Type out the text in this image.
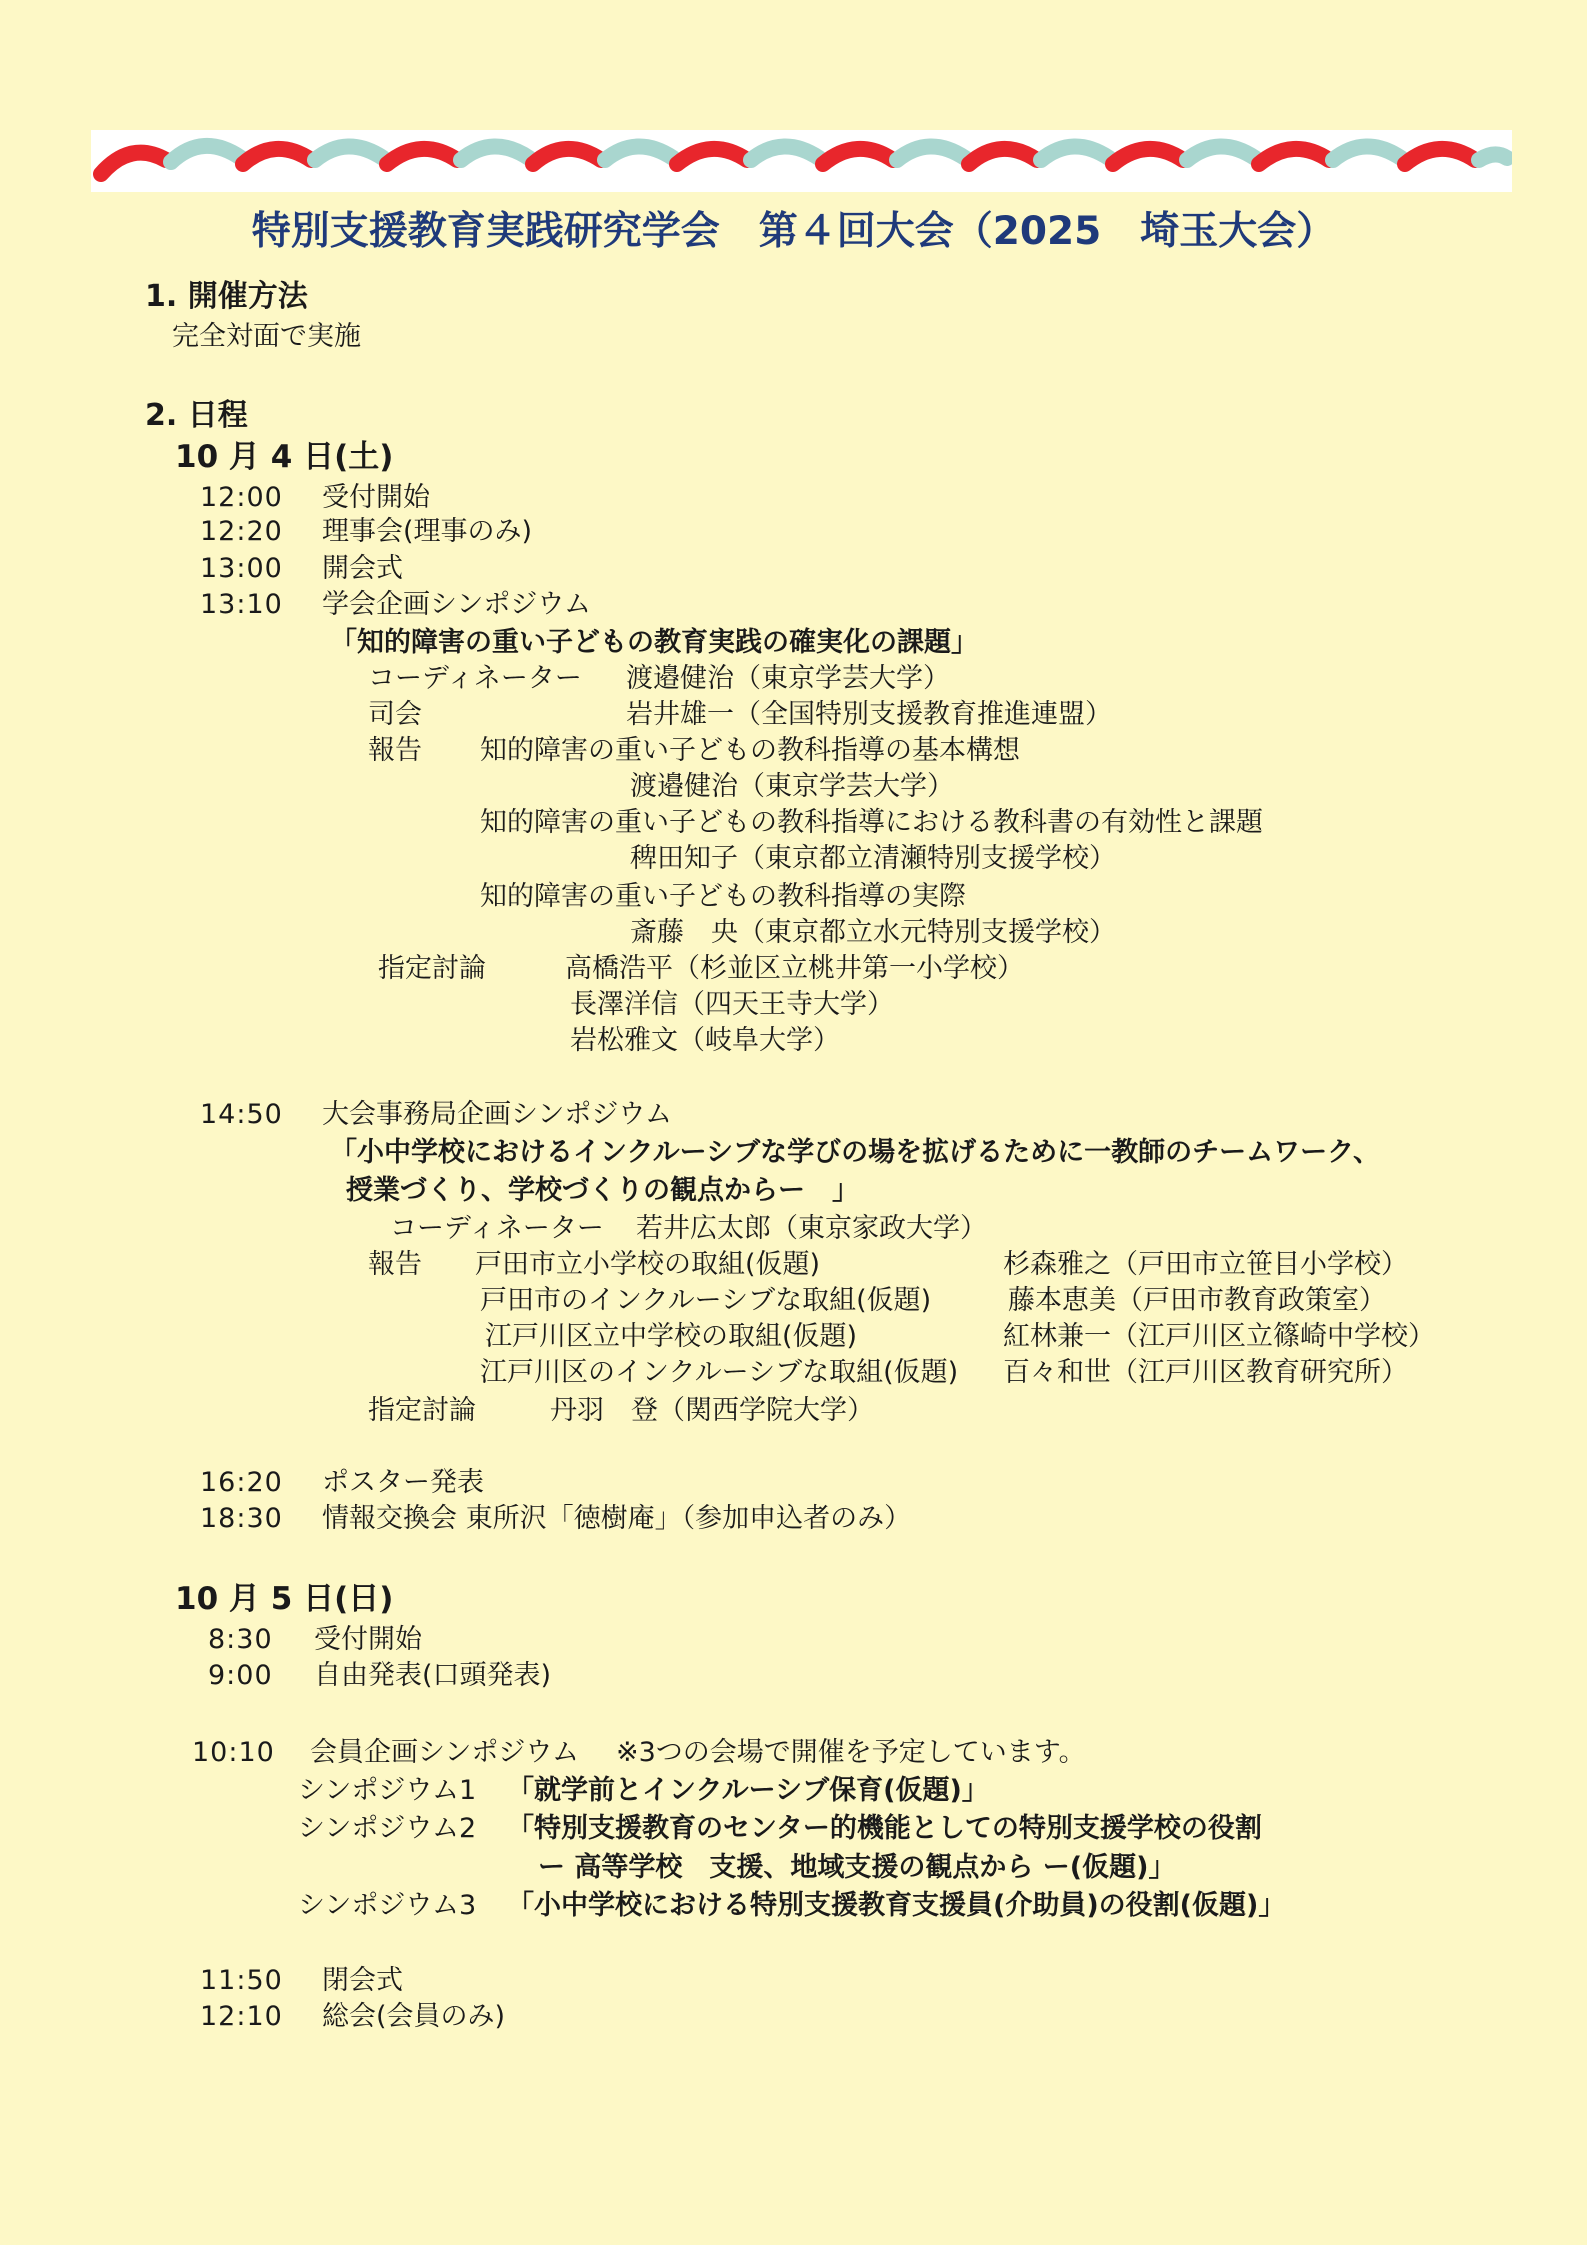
特別支援教育実践研究学会　第４回大会（2025　埼玉大会）
1. 開催方法
完全対面で実施
2. 日程
10 月 4 日(土)
12:00 受付開始
12:20 理事会(理事のみ)
13:00 開会式
13:10 学会企画シンポジウム
「知的障害の重い子どもの教育実践の確実化の課題」
コーディネーター 渡邉健治（東京学芸大学）
司会	岩井雄一（全国特別支援教育推進連盟）
報告 知的障害の重い子どもの教科指導の基本構想
渡邉健治（東京学芸大学）
知的障害の重い子どもの教科指導における教科書の有効性と課題
稗田知子（東京都立清瀬特別支援学校）
知的障害の重い子どもの教科指導の実際
斎藤　央（東京都立水元特別支援学校）
指定討論	高橋浩平（杉並区立桃井第一小学校）
長澤洋信（四天王寺大学）
岩松雅文（岐阜大学）
14:50 大会事務局企画シンポジウム
「小中学校におけるインクルーシブな学びの場を拡げるために一教師のチームワーク、
授業づくり、学校づくりの観点からー　」
コーディネーター 若井広太郎（東京家政大学）
報告 戸田市立小学校の取組(仮題)	杉森雅之（戸田市立笹目小学校）
戸田市のインクルーシブな取組(仮題)	藤本恵美（戸田市教育政策室）
江戸川区立中学校の取組(仮題)	紅林兼一（江戸川区立篠崎中学校）
江戸川区のインクルーシブな取組(仮題) 百々和世（江戸川区教育研究所）
指定討論	丹羽　登（関西学院大学）
16:20 ポスター発表
18:30 情報交換会 東所沢「徳樹庵」（参加申込者のみ）
10 月 5 日(日)
8:30 受付開始
9:00 自由発表(口頭発表)
10:10 会員企画シンポジウム ※3つの会場で開催を予定しています。
シンポジウム1 「就学前とインクルーシブ保育(仮題)」
シンポジウム2 「特別支援教育のセンター的機能としての特別支援学校の役割
ー 高等学校　支援、地域支援の観点から ー(仮題)」
シンポジウム3 「小中学校における特別支援教育支援員(介助員)の役割(仮題)」
11:50 閉会式
12:10 総会(会員のみ)
